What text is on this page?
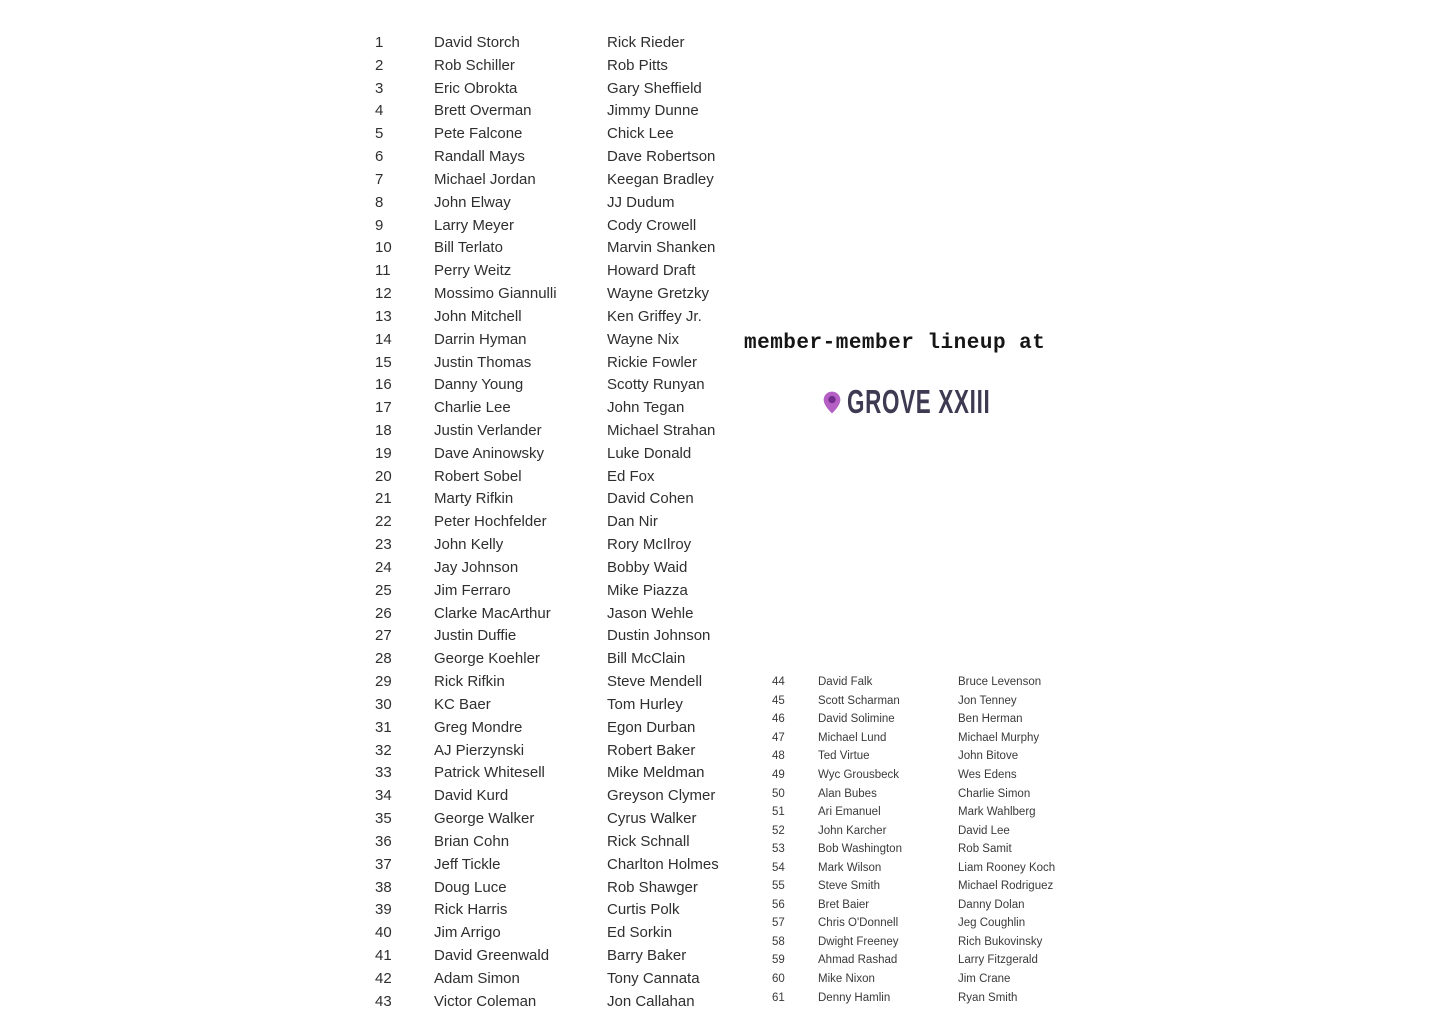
1	David Storch	Rick Rieder
2	Rob Schiller	Rob Pitts
3	Eric Obrokta	Gary Sheffield
4	Brett Overman	Jimmy Dunne
5	Pete Falcone	Chick Lee
6	Randall Mays	Dave Robertson
7	Michael Jordan	Keegan Bradley
8	John Elway	JJ Dudum
9	Larry Meyer	Cody Crowell
10	Bill Terlato	Marvin Shanken
11	Perry Weitz	Howard Draft
12	Mossimo Giannulli	Wayne Gretzky
13	John Mitchell	Ken Griffey Jr.
14	Darrin Hyman	Wayne Nix
15	Justin Thomas	Rickie Fowler
16	Danny Young	Scotty Runyan
17	Charlie Lee	John Tegan
18	Justin Verlander	Michael Strahan
19	Dave Aninowsky	Luke Donald
20	Robert Sobel	Ed Fox
21	Marty Rifkin	David Cohen
22	Peter Hochfelder	Dan Nir
23	John Kelly	Rory McIlroy
24	Jay Johnson	Bobby Waid
25	Jim Ferraro	Mike Piazza
26	Clarke MacArthur	Jason Wehle
27	Justin Duffie	Dustin Johnson
28	George Koehler	Bill McClain
29	Rick Rifkin	Steve Mendell
30	KC Baer	Tom Hurley
31	Greg Mondre	Egon Durban
32	AJ Pierzynski	Robert Baker
33	Patrick Whitesell	Mike Meldman
34	David Kurd	Greyson Clymer
35	George Walker	Cyrus Walker
36	Brian Cohn	Rick Schnall
37	Jeff Tickle	Charlton Holmes
38	Doug Luce	Rob Shawger
39	Rick Harris	Curtis Polk
40	Jim Arrigo	Ed Sorkin
41	David Greenwald	Barry Baker
42	Adam Simon	Tony Cannata
43	Victor Coleman	Jon Callahan
member-member lineup at
GROVE XXIII
44	David Falk	Bruce Levenson
45	Scott Scharman	Jon Tenney
46	David Solimine	Ben Herman
47	Michael Lund	Michael Murphy
48	Ted Virtue	John Bitove
49	Wyc Grousbeck	Wes Edens
50	Alan Bubes	Charlie Simon
51	Ari Emanuel	Mark Wahlberg
52	John Karcher	David Lee
53	Bob Washington	Rob Samit
54	Mark Wilson	Liam Rooney Koch
55	Steve Smith	Michael Rodriguez
56	Bret Baier	Danny Dolan
57	Chris O'Donnell	Jeg Coughlin
58	Dwight Freeney	Rich Bukovinsky
59	Ahmad Rashad	Larry Fitzgerald
60	Mike Nixon	Jim Crane
61	Denny Hamlin	Ryan Smith
